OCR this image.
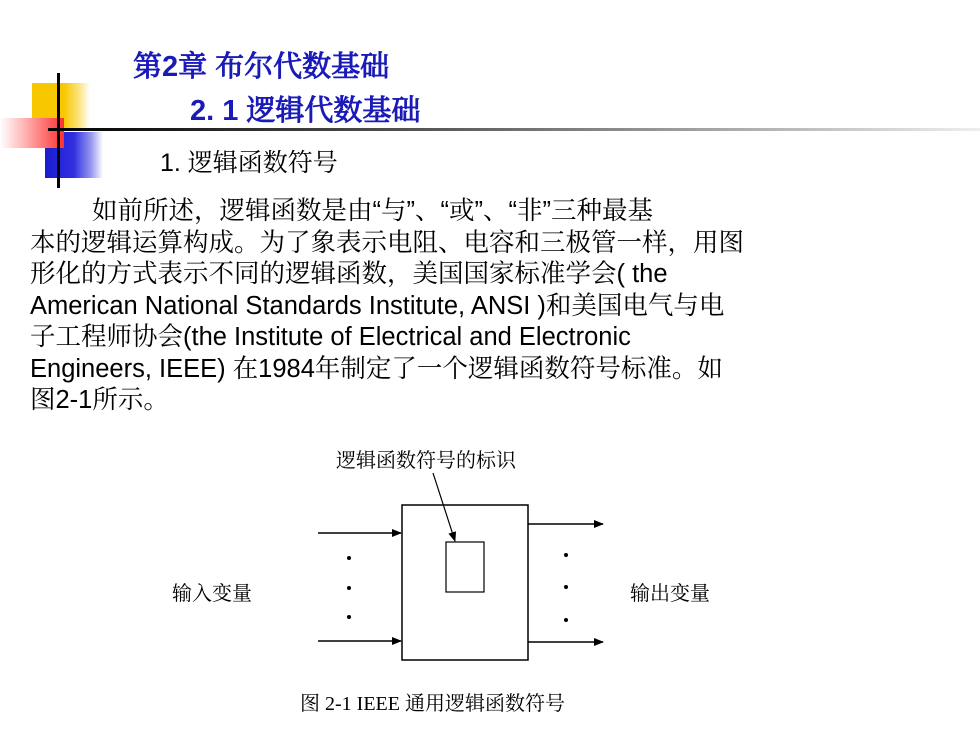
第2章 布尔代数基础
2. 1 逻辑代数基础
1. 逻辑函数符号
如前所述，逻辑函数是由“与”、“或”、“非”三种最基
本的逻辑运算构成。为了象表示电阻、电容和三极管一样，用图
形化的方式表示不同的逻辑函数，美国国家标准学会( the
American National Standards Institute, ANSI )和美国电气与电
子工程师协会(the Institute of Electrical and Electronic
Engineers, IEEE) 在1984年制定了一个逻辑函数符号标准。如
图2-1所示。
逻辑函数符号的标识
输入变量	输出变量
图 2-1 IEEE 通用逻辑函数符号
